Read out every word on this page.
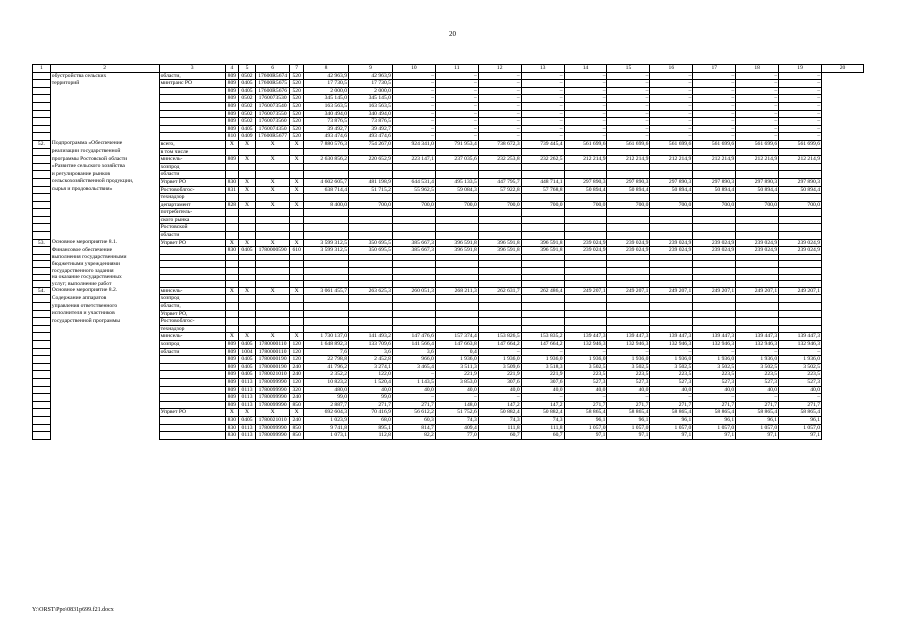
20
1	2	3	4	5	6	7	8	9	10	11	12	13	14	15	16	17	18	19	20
	обустройства сельских	области,	809	0502	17600R5674	520	42 963,9	42 963,9	–	–	–	–	–	–	–	–	–	–	
	территорий	минтранс РО	809	0405	17600R5675	520	17 730,5	17 730,5	–	–	–	–	–	–	–	–	–	–	
			809	0405	17600R5676	520	2 000,0	2 000,0	–	–	–	–	–	–	–	–	–	–	
			809	0502	1760073530	520	345 145,0	345 145,0	–	–	–	–	–	–	–	–	–	–	
			809	0502	1760073540	520	163 563,5	163 563,5	–	–	–	–	–	–	–	–	–	–	
			809	0502	1760073550	520	340 494,0	340 494,0	–	–	–	–	–	–	–	–	–	–	
			809	0502	1760073560	520	73 876,5	73 876,5	–	–	–	–	–	–	–	–	–	–	
			809	0405	1760074350	520	39 492,7	39 492,7	–	–	–	–	–	–	–	–	–	–	
			810	0409	17600R5677	520	493 474,6	493 474,6	–	–	–	–	–	–	–	–	–	–	
52.	Подпрограмма «Обеспечение	всего,	X	X	X	X	7 880 576,3	754 267,0	924 341,0	791 953,4	738 672,3	739 445,4	561 699,6	561 699,6	561 699,6	561 699,6	561 699,6	561 699,6	
	реализации государственной	в том числе																	
	программы Ростовской области	минсель-	809	X	X	X	2 630 856,2	220 652,9	223 147,1	237 035,6	232 253,8	232 262,5	212 214,9	212 214,9	212 214,9	212 214,9	212 214,9	212 214,9	
	«Развитие сельского хозяйства	хозпрод																	
	и регулирование рынков	области																	
	сельскохозяйственной продукции,	Упрвет РО	830	X	X	X	4 602 605,7	481 198,9	644 531,4	495 133,5	447 795,7	448 714,1	297 890,3	297 890,3	297 890,3	297 890,3	297 890,3	297 890,3	
	сырья и продовольствия»	Ростовоблгос-	831	X	X	X	638 714,4	51 715,2	55 962,5	59 084,3	57 922,8	57 768,8	50 894,4	50 894,4	50 894,4	50 894,4	50 894,4	50 894,4	
		технадзор																	
		департамент	828	X	X	X	8 400,0	700,0	700,0	700,0	700,0	700,0	700,0	700,0	700,0	700,0	700,0	700,0	
		потребитель-																	
		ского рынка																	
		Ростовской																	
		области																	
53.	Основное мероприятие 8.1.	Упрвет РО	X	X	X	X	3 599 312,5	350 695,5	385 667,3	396 591,8	396 591,8	396 591,8	239 024,9	239 024,9	239 024,9	239 024,9	239 024,9	239 024,9	
	Финансовое обеспечение		830	0405	1780000590	610	3 599 312,5	350 695,5	385 667,3	396 591,8	396 591,8	396 591,8	239 024,9	239 024,9	239 024,9	239 024,9	239 024,9	239 024,9	
	выполнения государственными																		
	бюджетными учреждениями																		
	государственного задания																		
	на оказание государственных																		
	услуг; выполнение работ																		
54.	Основное мероприятие 8.2.	минсель-	X	X	X	X	3 061 455,7	263 625,3	260 051,3	268 211,3	262 631,7	262 486,4	249 207,1	249 207,1	249 207,1	249 207,1	249 207,1	249 207,1	
	Содержание аппаратов	хозпрод																	
	управления ответственного	области,																	
	исполнителя и участников	Упрвет РО,																	
	государственной программы	Ростовоблгос-																	
		технадзор																	
		минсель-	X	X	X	X	1 730 137,0	141 493,2	147 476,6	157 374,4	153 826,5	153 835,2	139 447,3	139 447,3	139 447,3	139 447,3	139 447,3	139 447,3	
		хозпрод	809	0405	1780000110	120	1 648 892,3	133 709,6	141 566,4	147 663,8	147 664,2	147 664,2	132 946,3	132 946,3	132 946,3	132 946,3	132 946,3	132 946,3	
		области	809	1004	1780000110	120	7,6	3,6	3,6	0,4	–	–	–	–	–	–	–	–	
			809	0405	1780000190	120	22 798,8	2 452,8	966,0	1 936,0	1 936,0	1 936,0	1 936,0	1 936,0	1 936,0	1 936,0	1 936,0	1 936,0	
			809	0405	1780000190	240	41 796,2	3 274,1	3 465,4	3 511,3	3 509,6	3 518,3	3 502,5	3 502,5	3 502,5	3 502,5	3 502,5	3 502,5	
			809	0405	1780021010	240	2 352,2	122,0	–	221,9	221,9	221,9	223,5	223,5	223,5	223,5	223,5	223,5	
			809	0113	1780099990	120	10 823,2	1 520,4	1 143,5	3 853,0	307,6	307,6	527,3	527,3	527,3	527,3	527,3	527,3	
			809	0113	1780099990	320	480,0	40,0	40,0	40,0	40,0	40,0	40,0	40,0	40,0	40,0	40,0	40,0	
			809	0113	1780099990	240	99,0	99,0	–	–	–	–	–	–	–	–	–	–	
			809	0113	1780099990	850	2 887,7	271,7	271,7	148,0	147,2	147,2	271,7	271,7	271,7	271,7	271,7	271,7	
		Упрвет РО	X	X	X	X	692 604,3	70 416,9	56 612,2	51 752,6	50 882,4	50 882,4	58 865,4	58 865,4	58 865,4	58 865,4	58 865,4	58 865,4	
			830	0405	1780021010	240	1 023,9	68,0	60,3	74,3	74,3	74,3	96,1	96,1	96,1	96,1	96,1	96,1	
			830	0113	1780099990	850	9 741,8	895,1	814,7	409,4	111,8	111,8	1 057,0	1 057,0	1 057,0	1 057,0	1 057,0	1 057,0	
			830	0113	1780099990	850	1 073,1	112,8	82,2	77,0	60,7	60,7	97,1	97,1	97,1	97,1	97,1	97,1	
Y:\ORST\Ppo\0831p699.f21.docx
